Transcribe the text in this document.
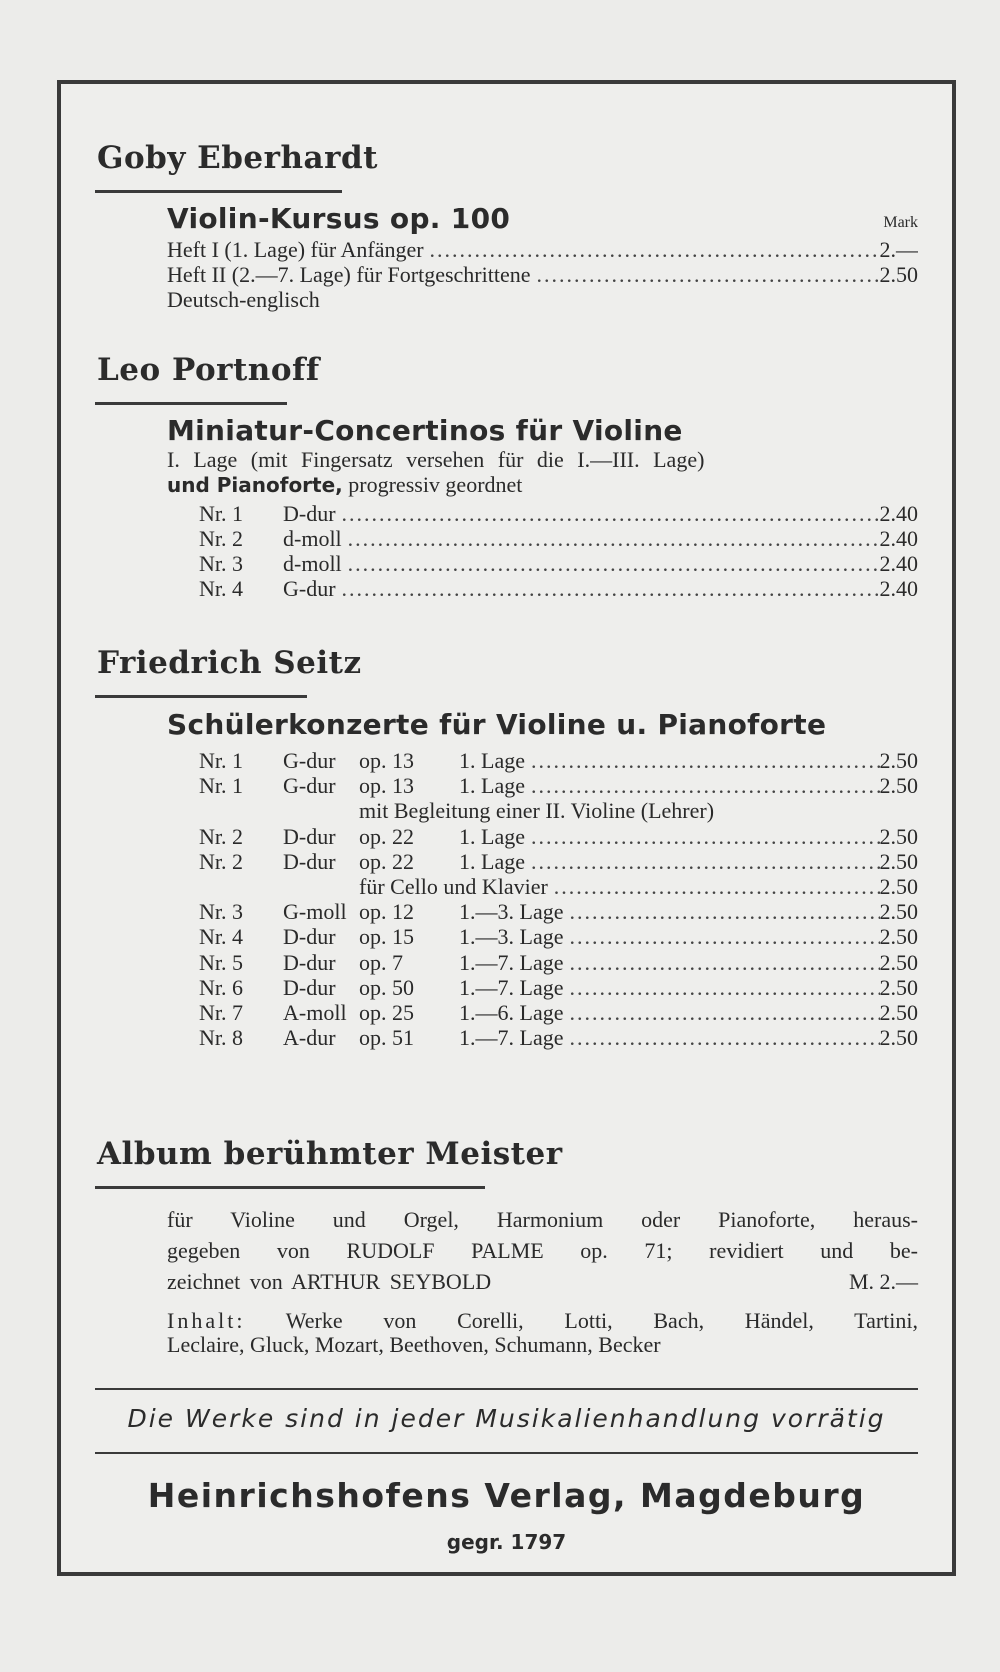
Goby Eberhardt
Violin-Kursus op. 100	Mark
Heft I (1. Lage) für Anfänger .....	2.—
Heft II (2.—7. Lage) für Fortgeschrittene .....	2.50
Deutsch-englisch
Leo Portnoff
Miniatur-Concertinos für Violine
I. Lage (mit Fingersatz versehen für die I.—III. Lage)
und Pianoforte, progressiv geordnet
Nr. 1	D-dur .....	2.40
Nr. 2	d-moll .....	2.40
Nr. 3	d-moll .....	2.40
Nr. 4	G-dur .....	2.40
Friedrich Seitz
Schülerkonzerte für Violine u. Pianoforte
Nr. 1	G-dur	op. 13	1. Lage .....	2.50
Nr. 1	G-dur	op. 13	1. Lage .....	2.50
mit Begleitung einer II. Violine (Lehrer)
Nr. 2	D-dur	op. 22	1. Lage .....	2.50
Nr. 2	D-dur	op. 22	1. Lage .....	2.50
für Cello und Klavier .....	2.50
Nr. 3	G-moll op. 12	1.—3. Lage .....	2.50
Nr. 4	D-dur	op. 15	1.—3. Lage .....	2.50
Nr. 5	D-dur	op. 7	1.—7. Lage .....	2.50
Nr. 6	D-dur	op. 50	1.—7. Lage .....	2.50
Nr. 7	A-moll op. 25	1.—6. Lage .....	2.50
Nr. 8	A-dur	op. 51	1.—7. Lage .....	2.50
Album berühmter Meister
für Violine und Orgel, Harmonium oder Pianoforte, heraus-
gegeben von RUDOLF PALME op. 71; revidiert und be-
zeichnet von ARTHUR SEYBOLD	M. 2.—
Inhalt: Werke von Corelli, Lotti, Bach, Händel, Tartini,
Leclaire, Gluck, Mozart, Beethoven, Schumann, Becker
Die Werke sind in jeder Musikalienhandlung vorrätig
Heinrichshofens Verlag, Magdeburg
gegr. 1797
